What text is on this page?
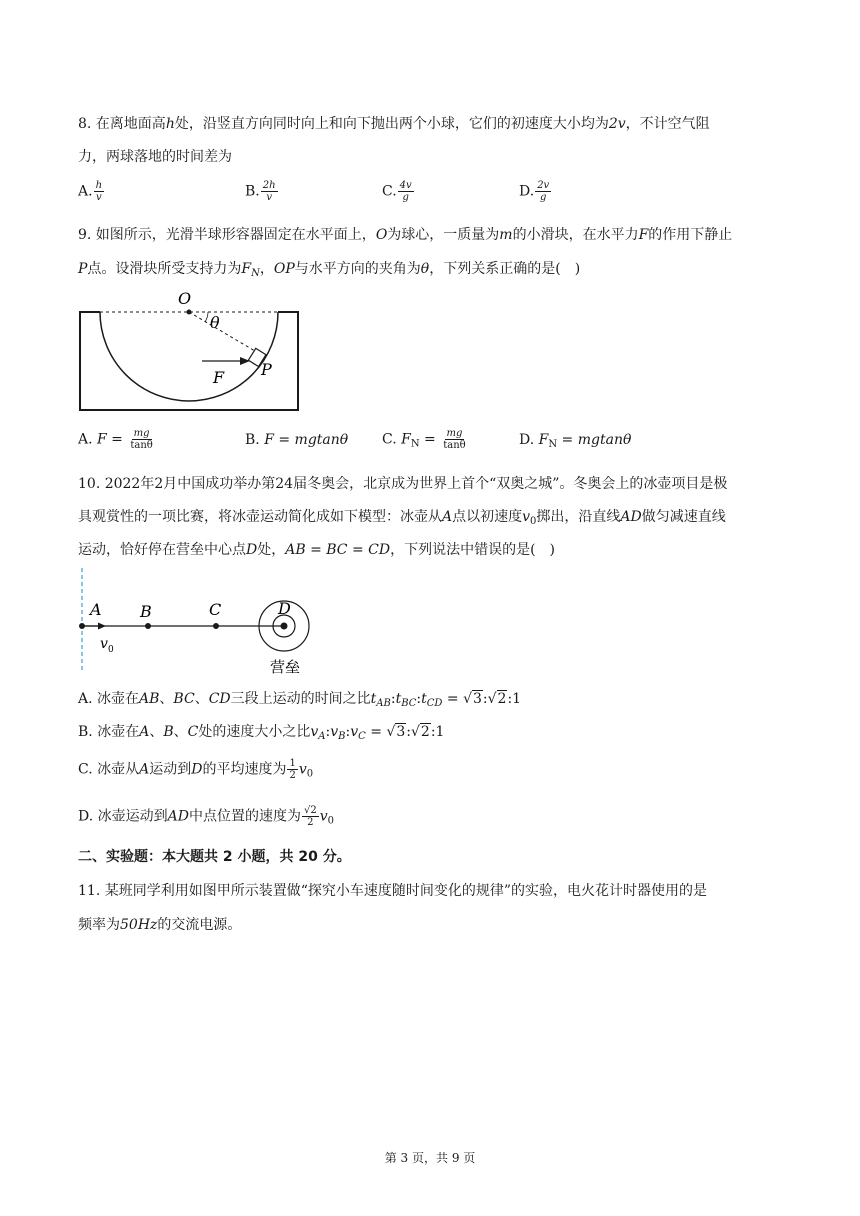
8. 在离地面高h处，沿竖直方向同时向上和向下抛出两个小球，它们的初速度大小均为2v，不计空气阻
力，两球落地的时间差为
A. $\frac{h}{v}$	B. $\frac{2h}{v}$	C. $\frac{4v}{g}$	D. $\frac{2v}{g}$
9. 如图所示，光滑半球形容器固定在水平面上，O为球心，一质量为m的小滑块，在水平力F的作用下静止
P点。设滑块所受支持力为$F_N$，OP与水平方向的夹角为θ，下列关系正确的是(　)
O
θ
F P
A. $F = \frac{mg}{\tan\theta}$	B. F = mgtanθ C. $F_N = \frac{mg}{\tan\theta}$	D. $F_N = mgtan\theta$
10. 2022年2月中国成功举办第24届冬奥会，北京成为世界上首个“双奥之城”。冬奥会上的冰壶项目是极
具观赏性的一项比赛，将冰壶运动简化成如下模型：冰壶从A点以初速度$v_0$掷出，沿直线AD做匀减速直线
运动，恰好停在营垒中心点D处，AB = BC = CD，下列说法中错误的是(　)
A B	C	D
v 0
营垒
A. 冰壶在AB、BC、CD三段上运动的时间之比$t_{AB}:t_{BC}:t_{CD}$ = √3:√2:1
B. 冰壶在A、B、C处的速度大小之比$v_A:v_B:v_C$ = √3:√2:1
C. 冰壶从A运动到D的平均速度为 $\frac{1}{2} v_0$
D. 冰壶运动到AD中点位置的速度为 $\frac{√2}{2} v_0$
二、实验题：本大题共 2 小题，共 20 分。
11. 某班同学利用如图甲所示装置做“探究小车速度随时间变化的规律”的实验，电火花计时器使用的是
频率为50Hz的交流电源。
第 3 页，共 9 页
